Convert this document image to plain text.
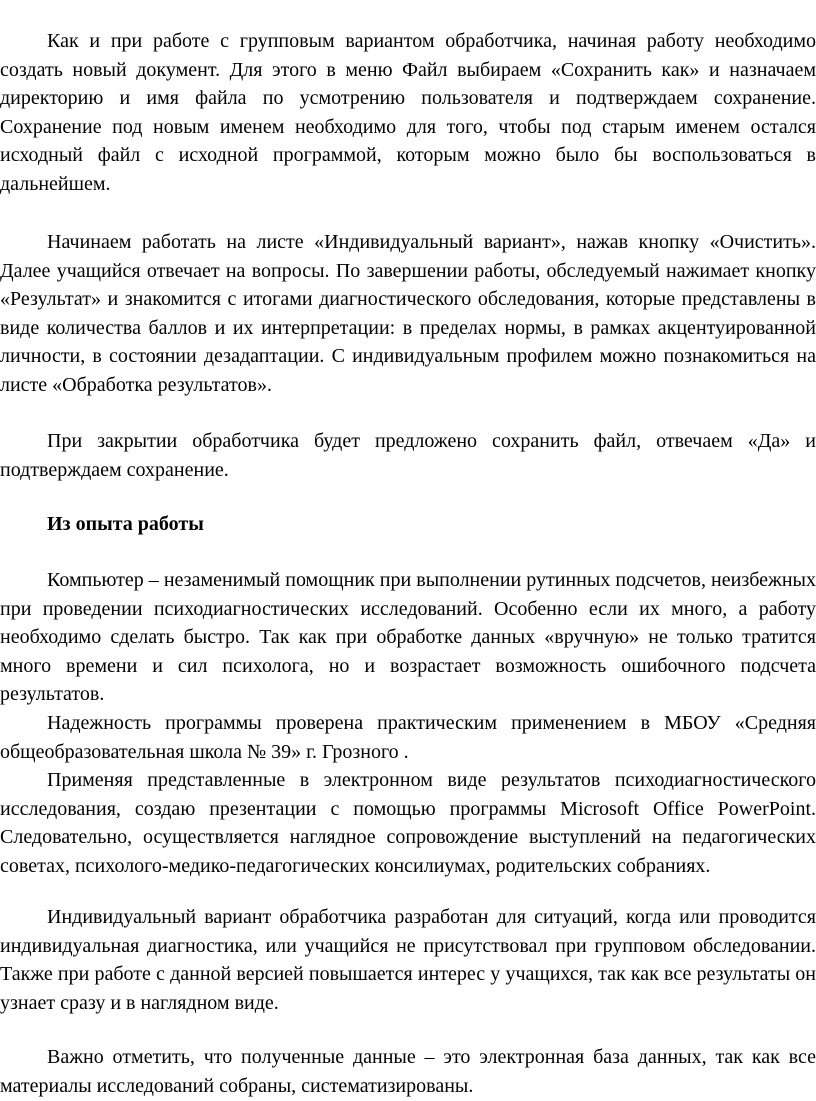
Как и при работе с групповым вариантом обработчика, начиная работу необходимо создать новый документ. Для этого в меню Файл выбираем «Сохранить как» и назначаем директорию и имя файла по усмотрению пользователя и подтверждаем сохранение. Сохранение под новым именем необходимо для того, чтобы под старым именем остался исходный файл с исходной программой, которым можно было бы воспользоваться в дальнейшем.

Начинаем работать на листе «Индивидуальный вариант», нажав кнопку «Очистить». Далее учащийся отвечает на вопросы. По завершении работы, обследуемый нажимает кнопку «Результат» и знакомится с итогами диагностического обследования, которые представлены в виде количества баллов и их интерпретации: в пределах нормы, в рамках акцентуированной личности, в состоянии дезадаптации. С индивидуальным профилем можно познакомиться на листе «Обработка результатов».

При закрытии обработчика будет предложено сохранить файл, отвечаем «Да» и подтверждаем сохранение.

Из опыта работы

Компьютер – незаменимый помощник при выполнении рутинных подсчетов, неизбежных при проведении психодиагностических исследований. Особенно если их много, а работу необходимо сделать быстро. Так как при обработке данных «вручную» не только тратится много времени и сил психолога, но и возрастает возможность ошибочного подсчета результатов.

Надежность программы проверена практическим применением в МБОУ «Средняя общеобразовательная школа № 39» г. Грозного .

Применяя представленные в электронном виде результатов психодиагностического исследования, создаю презентации с помощью программы Microsoft Office PowerPoint. Следовательно, осуществляется наглядное сопровождение выступлений на педагогических советах, психолого-медико-педагогических консилиумах, родительских собраниях.

Индивидуальный вариант обработчика разработан для ситуаций, когда или проводится индивидуальная диагностика, или учащийся не присутствовал при групповом обследовании. Также при работе с данной версией повышается интерес у учащихся, так как все результаты он узнает сразу и в наглядном виде.

Важно отметить, что полученные данные – это электронная база данных, так как все материалы исследований собраны, систематизированы.
